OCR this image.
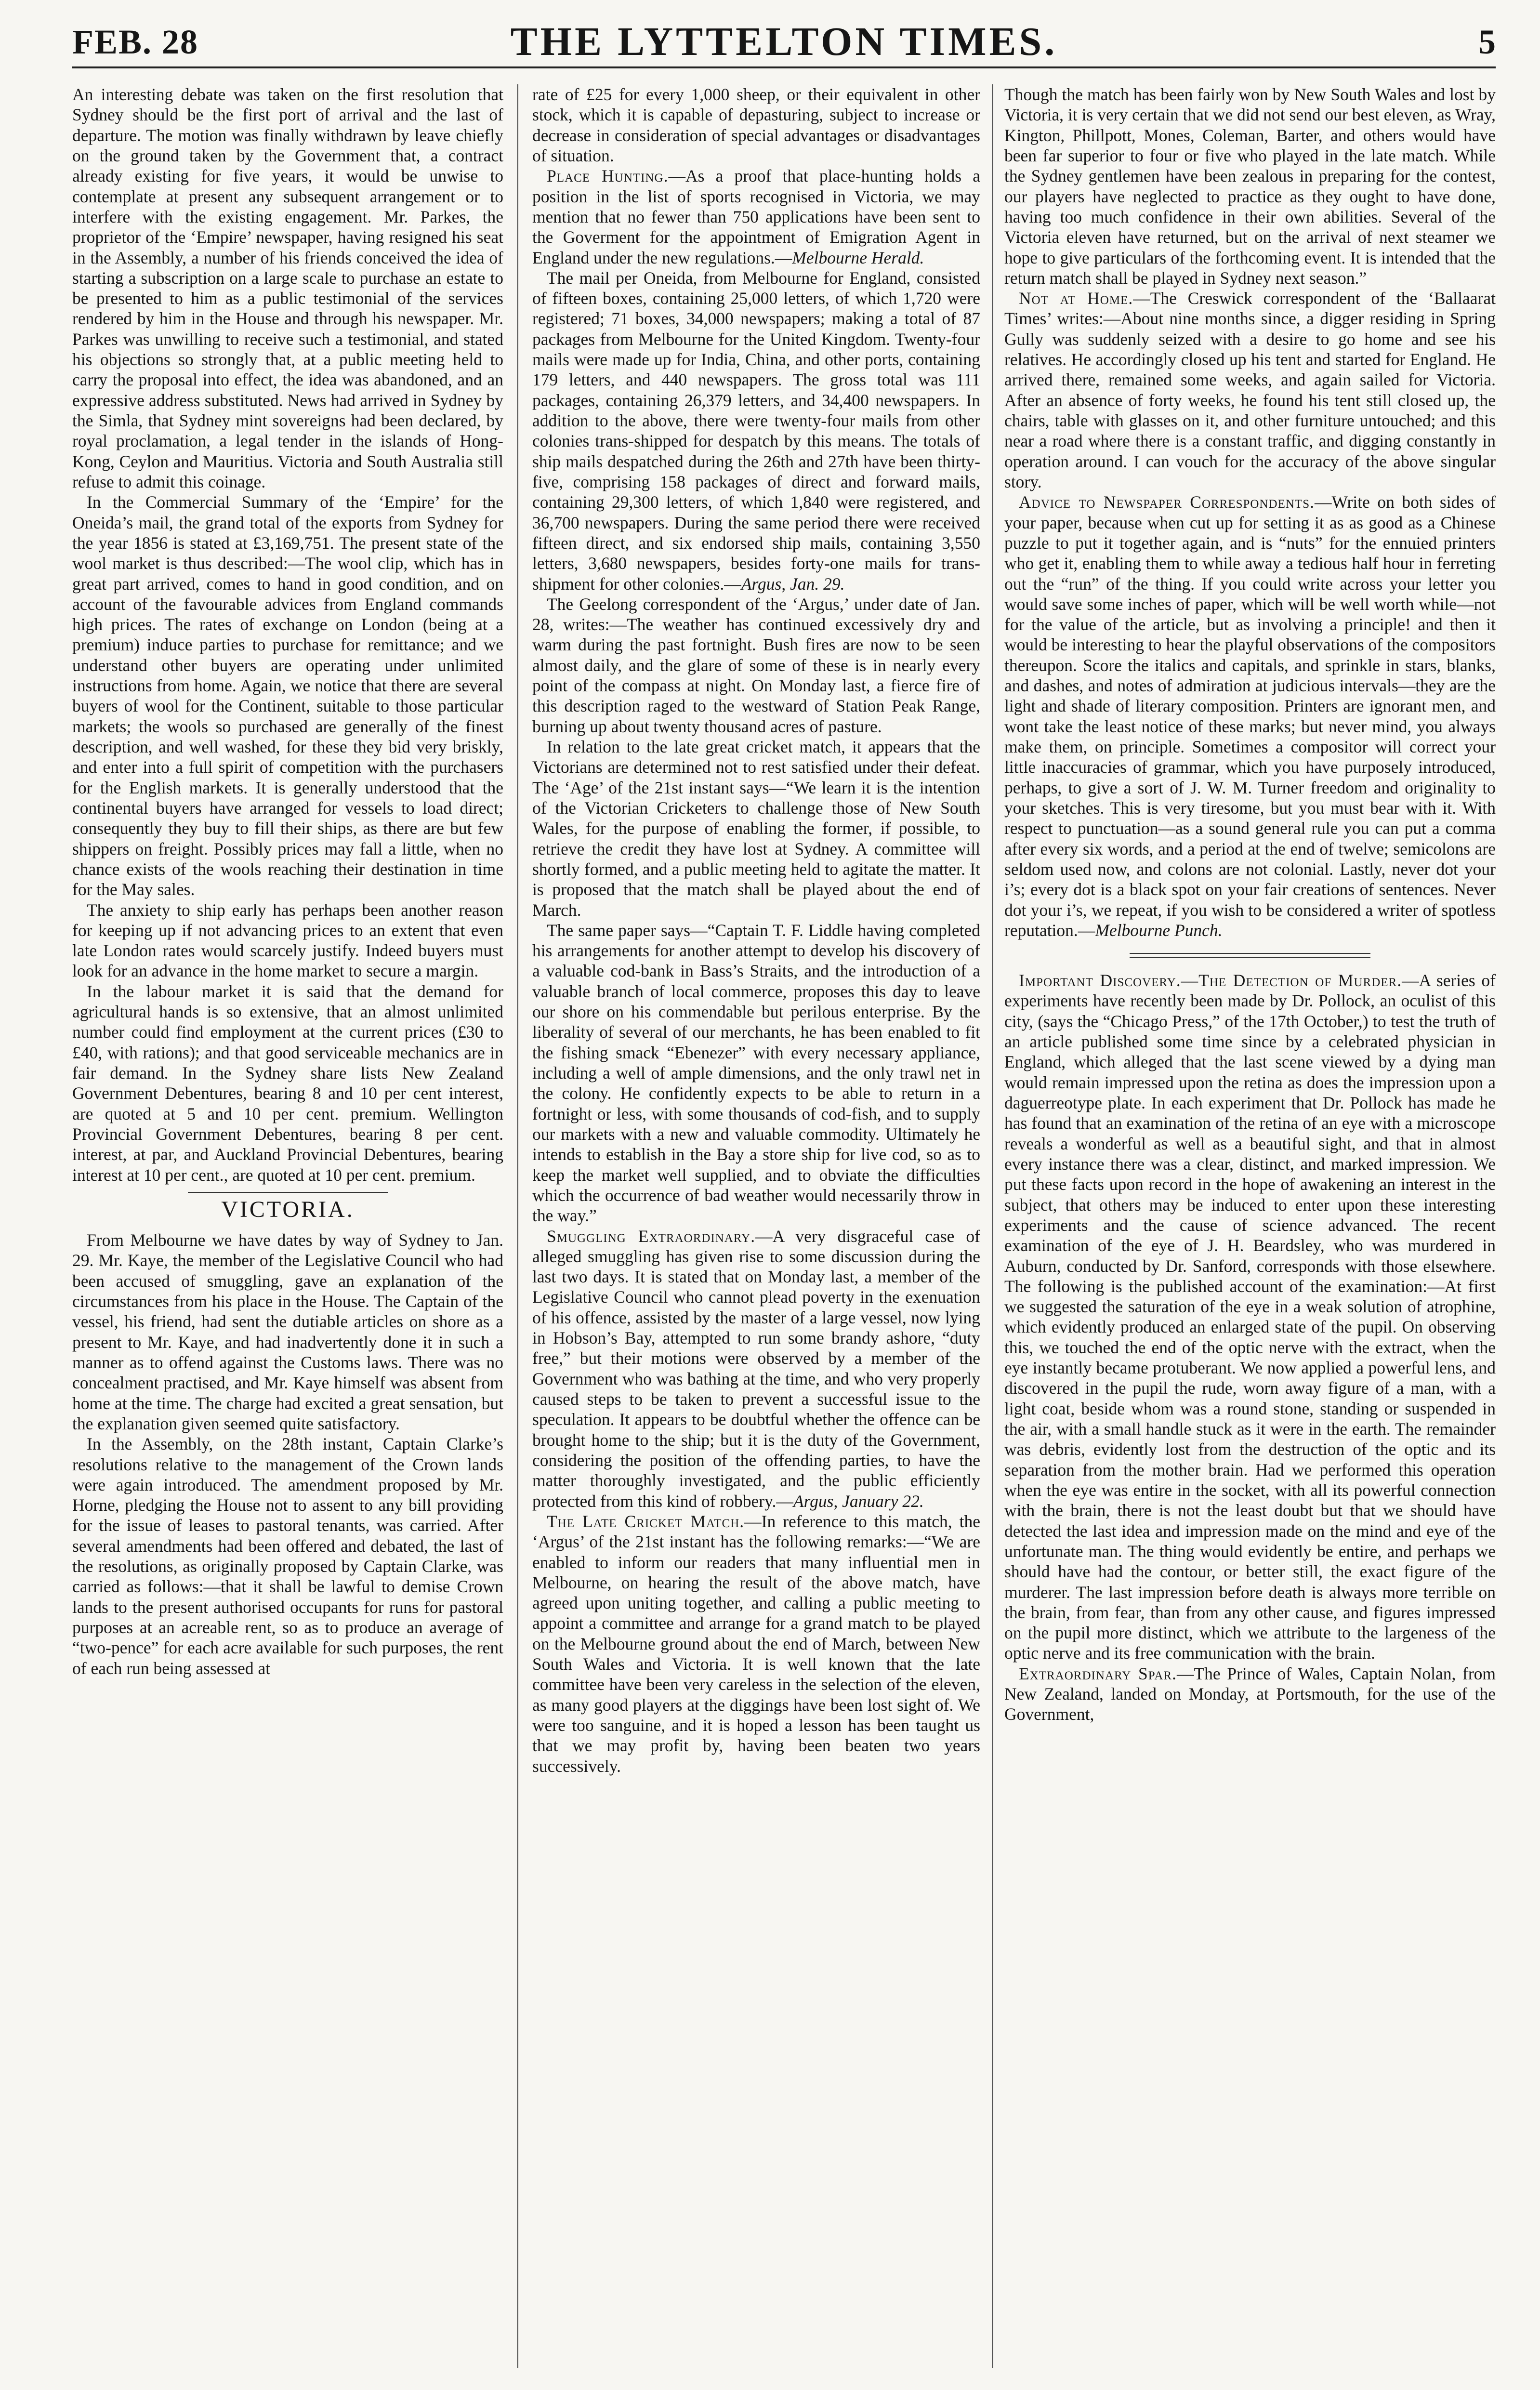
FEB. 28	THE LYTTELTON TIMES.	5

An interesting debate was taken on the first resolution that Sydney should be the first port of arrival and the last of departure. The motion was finally withdrawn by leave chiefly on the ground taken by the Government that, a contract already existing for five years, it would be unwise to contemplate at present any subsequent arrangement or to interfere with the existing engagement. Mr. Parkes, the proprietor of the ‘Empire’ newspaper, having resigned his seat in the Assembly, a number of his friends conceived the idea of starting a subscription on a large scale to purchase an estate to be presented to him as a public testimonial of the services rendered by him in the House and through his newspaper. Mr. Parkes was unwilling to receive such a testimonial, and stated his objections so strongly that, at a public meeting held to carry the proposal into effect, the idea was abandoned, and an expressive address substituted. News had arrived in Sydney by the Simla, that Sydney mint sovereigns had been declared, by royal proclamation, a legal tender in the islands of Hong-Kong, Ceylon and Mauritius. Victoria and South Australia still refuse to admit this coinage.

In the Commercial Summary of the ‘Empire’ for the Oneida’s mail, the grand total of the exports from Sydney for the year 1856 is stated at £3,169,751. The present state of the wool market is thus described:—The wool clip, which has in great part arrived, comes to hand in good condition, and on account of the favourable advices from England commands high prices. The rates of exchange on London (being at a premium) induce parties to purchase for remittance; and we understand other buyers are operating under unlimited instructions from home. Again, we notice that there are several buyers of wool for the Continent, suitable to those particular markets; the wools so purchased are generally of the finest description, and well washed, for these they bid very briskly, and enter into a full spirit of competition with the purchasers for the English markets. It is generally understood that the continental buyers have arranged for vessels to load direct; consequently they buy to fill their ships, as there are but few shippers on freight. Possibly prices may fall a little, when no chance exists of the wools reaching their destination in time for the May sales.

The anxiety to ship early has perhaps been another reason for keeping up if not advancing prices to an extent that even late London rates would scarcely justify. Indeed buyers must look for an advance in the home market to secure a margin.

In the labour market it is said that the demand for agricultural hands is so extensive, that an almost unlimited number could find employment at the current prices (£30 to £40, with rations); and that good serviceable mechanics are in fair demand. In the Sydney share lists New Zealand Government Debentures, bearing 8 and 10 per cent interest, are quoted at 5 and 10 per cent. premium. Wellington Provincial Government Debentures, bearing 8 per cent. interest, at par, and Auckland Provincial Debentures, bearing interest at 10 per cent., are quoted at 10 per cent. premium.

VICTORIA.

From Melbourne we have dates by way of Sydney to Jan. 29. Mr. Kaye, the member of the Legislative Council who had been accused of smuggling, gave an explanation of the circumstances from his place in the House. The Captain of the vessel, his friend, had sent the dutiable articles on shore as a present to Mr. Kaye, and had inadvertently done it in such a manner as to offend against the Customs laws. There was no concealment practised, and Mr. Kaye himself was absent from home at the time. The charge had excited a great sensation, but the explanation given seemed quite satisfactory.

In the Assembly, on the 28th instant, Captain Clarke’s resolutions relative to the management of the Crown lands were again introduced. The amendment proposed by Mr. Horne, pledging the House not to assent to any bill providing for the issue of leases to pastoral tenants, was carried. After several amendments had been offered and debated, the last of the resolutions, as originally proposed by Captain Clarke, was carried as follows:—that it shall be lawful to demise Crown lands to the present authorised occupants for runs for pastoral purposes at an acreable rent, so as to produce an average of “two-pence” for each acre available for such purposes, the rent of each run being assessed at

rate of £25 for every 1,000 sheep, or their equivalent in other stock, which it is capable of depasturing, subject to increase or decrease in consideration of special advantages or disadvantages of situation.

Place Hunting.—As a proof that place-hunting holds a position in the list of sports recognised in Victoria, we may mention that no fewer than 750 applications have been sent to the Goverment for the appointment of Emigration Agent in England under the new regulations.—Melbourne Herald.

The mail per Oneida, from Melbourne for England, consisted of fifteen boxes, containing 25,000 letters, of which 1,720 were registered; 71 boxes, 34,000 newspapers; making a total of 87 packages from Melbourne for the United Kingdom. Twenty-four mails were made up for India, China, and other ports, containing 179 letters, and 440 newspapers. The gross total was 111 packages, containing 26,379 letters, and 34,400 newspapers. In addition to the above, there were twenty-four mails from other colonies trans-shipped for despatch by this means. The totals of ship mails despatched during the 26th and 27th have been thirty-five, comprising 158 packages of direct and forward mails, containing 29,300 letters, of which 1,840 were registered, and 36,700 newspapers. During the same period there were received fifteen direct, and six endorsed ship mails, containing 3,550 letters, 3,680 newspapers, besides forty-one mails for trans-shipment for other colonies.—Argus, Jan. 29.

The Geelong correspondent of the ‘Argus,’ under date of Jan. 28, writes:—The weather has continued excessively dry and warm during the past fortnight. Bush fires are now to be seen almost daily, and the glare of some of these is in nearly every point of the compass at night. On Monday last, a fierce fire of this description raged to the westward of Station Peak Range, burning up about twenty thousand acres of pasture.

In relation to the late great cricket match, it appears that the Victorians are determined not to rest satisfied under their defeat. The ‘Age’ of the 21st instant says—“We learn it is the intention of the Victorian Cricketers to challenge those of New South Wales, for the purpose of enabling the former, if possible, to retrieve the credit they have lost at Sydney. A committee will shortly formed, and a public meeting held to agitate the matter. It is proposed that the match shall be played about the end of March.

The same paper says—“Captain T. F. Liddle having completed his arrangements for another attempt to develop his discovery of a valuable cod-bank in Bass’s Straits, and the introduction of a valuable branch of local commerce, proposes this day to leave our shore on his commendable but perilous enterprise. By the liberality of several of our merchants, he has been enabled to fit the fishing smack “Ebenezer” with every necessary appliance, including a well of ample dimensions, and the only trawl net in the colony. He confidently expects to be able to return in a fortnight or less, with some thousands of cod-fish, and to supply our markets with a new and valuable commodity. Ultimately he intends to establish in the Bay a store ship for live cod, so as to keep the market well supplied, and to obviate the difficulties which the occurrence of bad weather would necessarily throw in the way.”

Smuggling Extraordinary.—A very disgraceful case of alleged smuggling has given rise to some discussion during the last two days. It is stated that on Monday last, a member of the Legislative Council who cannot plead poverty in the exenuation of his offence, assisted by the master of a large vessel, now lying in Hobson’s Bay, attempted to run some brandy ashore, “duty free,” but their motions were observed by a member of the Government who was bathing at the time, and who very properly caused steps to be taken to prevent a successful issue to the speculation. It appears to be doubtful whether the offence can be brought home to the ship; but it is the duty of the Government, considering the position of the offending parties, to have the matter thoroughly investigated, and the public efficiently protected from this kind of robbery.—Argus, January 22.

The Late Cricket Match.—In reference to this match, the ‘Argus’ of the 21st instant has the following remarks:—“We are enabled to inform our readers that many influential men in Melbourne, on hearing the result of the above match, have agreed upon uniting together, and calling a public meeting to appoint a committee and arrange for a grand match to be played on the Melbourne ground about the end of March, between New South Wales and Victoria. It is well known that the late committee have been very careless in the selection of the eleven, as many good players at the diggings have been lost sight of. We were too sanguine, and it is hoped a lesson has been taught us that we may profit by, having been beaten two years successively.

Though the match has been fairly won by New South Wales and lost by Victoria, it is very certain that we did not send our best eleven, as Wray, Kington, Phillpott, Mones, Coleman, Barter, and others would have been far superior to four or five who played in the late match. While the Sydney gentlemen have been zealous in preparing for the contest, our players have neglected to practice as they ought to have done, having too much confidence in their own abilities. Several of the Victoria eleven have returned, but on the arrival of next steamer we hope to give particulars of the forthcoming event. It is intended that the return match shall be played in Sydney next season.”

Not at Home.—The Creswick correspondent of the ‘Ballaarat Times’ writes:—About nine months since, a digger residing in Spring Gully was suddenly seized with a desire to go home and see his relatives. He accordingly closed up his tent and started for England. He arrived there, remained some weeks, and again sailed for Victoria. After an absence of forty weeks, he found his tent still closed up, the chairs, table with glasses on it, and other furniture untouched; and this near a road where there is a constant traffic, and digging constantly in operation around. I can vouch for the accuracy of the above singular story.

Advice to Newspaper Correspondents.—Write on both sides of your paper, because when cut up for setting it as as good as a Chinese puzzle to put it together again, and is “nuts” for the ennuied printers who get it, enabling them to while away a tedious half hour in ferreting out the “run” of the thing. If you could write across your letter you would save some inches of paper, which will be well worth while—not for the value of the article, but as involving a principle! and then it would be interesting to hear the playful observations of the compositors thereupon. Score the italics and capitals, and sprinkle in stars, blanks, and dashes, and notes of admiration at judicious intervals—they are the light and shade of literary composition. Printers are ignorant men, and wont take the least notice of these marks; but never mind, you always make them, on principle. Sometimes a compositor will correct your little inaccuracies of grammar, which you have purposely introduced, perhaps, to give a sort of J. W. M. Turner freedom and originality to your sketches. This is very tiresome, but you must bear with it. With respect to punctuation—as a sound general rule you can put a comma after every six words, and a period at the end of twelve; semicolons are seldom used now, and colons are not colonial. Lastly, never dot your i’s; every dot is a black spot on your fair creations of sentences. Never dot your i’s, we repeat, if you wish to be considered a writer of spotless reputation.—Melbourne Punch.

Important Discovery.—The Detection of Murder.—A series of experiments have recently been made by Dr. Pollock, an oculist of this city, (says the “Chicago Press,” of the 17th October,) to test the truth of an article published some time since by a celebrated physician in England, which alleged that the last scene viewed by a dying man would remain impressed upon the retina as does the impression upon a daguerreotype plate. In each experiment that Dr. Pollock has made he has found that an examination of the retina of an eye with a microscope reveals a wonderful as well as a beautiful sight, and that in almost every instance there was a clear, distinct, and marked impression. We put these facts upon record in the hope of awakening an interest in the subject, that others may be induced to enter upon these interesting experiments and the cause of science advanced. The recent examination of the eye of J. H. Beardsley, who was murdered in Auburn, conducted by Dr. Sanford, corresponds with those elsewhere. The following is the published account of the examination:—At first we suggested the saturation of the eye in a weak solution of atrophine, which evidently produced an enlarged state of the pupil. On observing this, we touched the end of the optic nerve with the extract, when the eye instantly became protuberant. We now applied a powerful lens, and discovered in the pupil the rude, worn away figure of a man, with a light coat, beside whom was a round stone, standing or suspended in the air, with a small handle stuck as it were in the earth. The remainder was debris, evidently lost from the destruction of the optic and its separation from the mother brain. Had we performed this operation when the eye was entire in the socket, with all its powerful connection with the brain, there is not the least doubt but that we should have detected the last idea and impression made on the mind and eye of the unfortunate man. The thing would evidently be entire, and perhaps we should have had the contour, or better still, the exact figure of the murderer. The last impression before death is always more terrible on the brain, from fear, than from any other cause, and figures impressed on the pupil more distinct, which we attribute to the largeness of the optic nerve and its free communication with the brain.

Extraordinary Spar.—The Prince of Wales, Captain Nolan, from New Zealand, landed on Monday, at Portsmouth, for the use of the Government,
